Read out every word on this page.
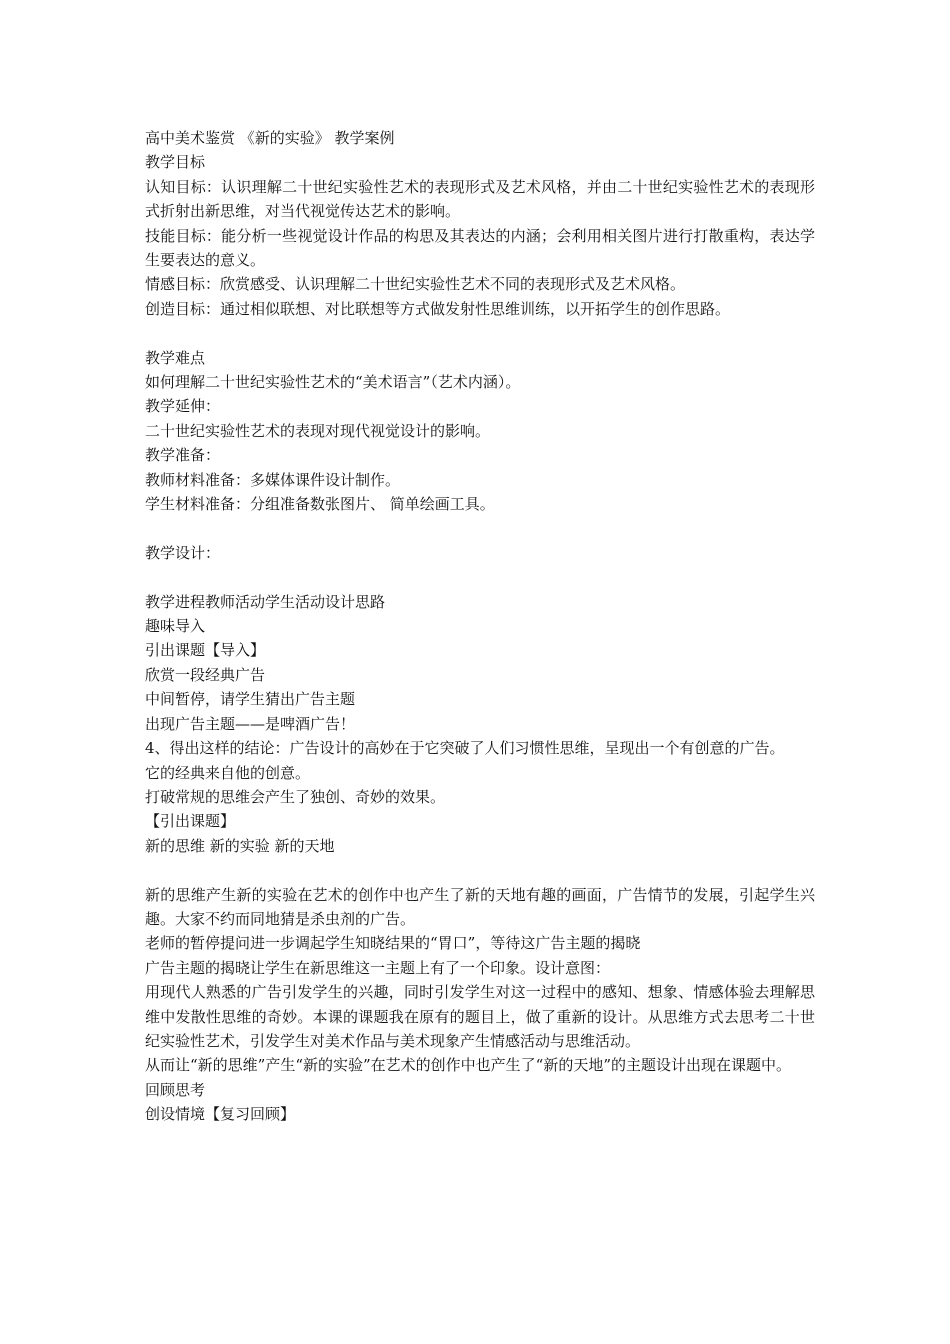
高中美术鉴赏 《新的实验》 教学案例

教学目标

认知目标：认识理解二十世纪实验性艺术的表现形式及艺术风格，并由二十世纪实验性艺术的表现形式折射出新思维，对当代视觉传达艺术的影响。

技能目标：能分析一些视觉设计作品的构思及其表达的内涵；会利用相关图片进行打散重构，表达学生要表达的意义。

情感目标：欣赏感受、认识理解二十世纪实验性艺术不同的表现形式及艺术风格。

创造目标：通过相似联想、对比联想等方式做发射性思维训练，以开拓学生的创作思路。

教学难点

如何理解二十世纪实验性艺术的“美术语言”（艺术内涵）。

教学延伸：

二十世纪实验性艺术的表现对现代视觉设计的影响。

教学准备：

教师材料准备：多媒体课件设计制作。

学生材料准备：分组准备数张图片、 简单绘画工具。

教学设计：

教学进程教师活动学生活动设计思路

趣味导入

引出课题【导入】

欣赏一段经典广告

中间暂停，请学生猜出广告主题

出现广告主题——是啤酒广告！

4、得出这样的结论：广告设计的高妙在于它突破了人们习惯性思维，呈现出一个有创意的广告。

它的经典来自他的创意。

打破常规的思维会产生了独创、奇妙的效果。

【引出课题】

新的思维 新的实验 新的天地

新的思维产生新的实验在艺术的创作中也产生了新的天地有趣的画面，广告情节的发展，引起学生兴趣。大家不约而同地猜是杀虫剂的广告。

老师的暂停提问进一步调起学生知晓结果的“胃口”，等待这广告主题的揭晓

广告主题的揭晓让学生在新思维这一主题上有了一个印象。设计意图：

用现代人熟悉的广告引发学生的兴趣，同时引发学生对这一过程中的感知、想象、情感体验去理解思维中发散性思维的奇妙。本课的课题我在原有的题目上，做了重新的设计。从思维方式去思考二十世纪实验性艺术，引发学生对美术作品与美术现象产生情感活动与思维活动。

从而让“新的思维”产生“新的实验”在艺术的创作中也产生了“新的天地”的主题设计出现在课题中。

回顾思考

创设情境【复习回顾】
